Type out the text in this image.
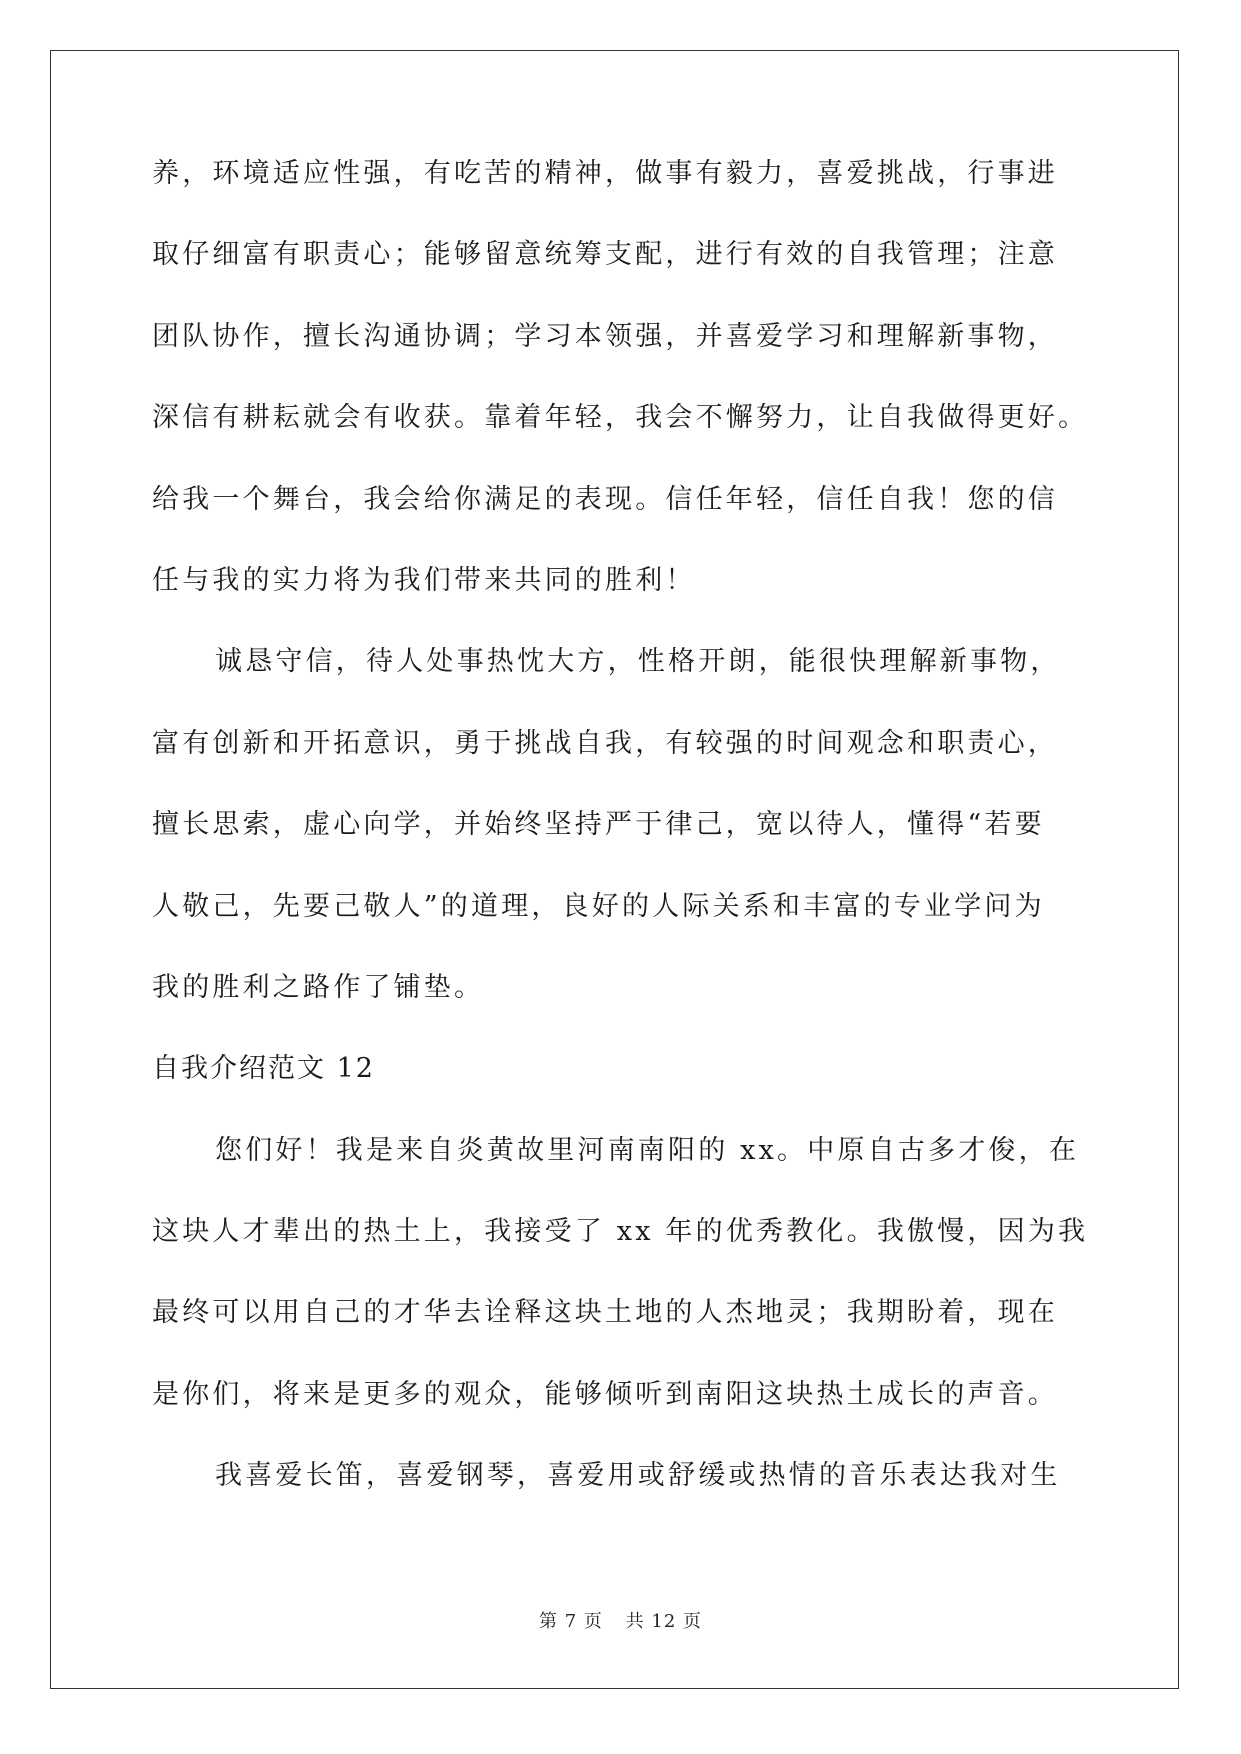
养，环境适应性强，有吃苦的精神，做事有毅力，喜爱挑战，行事进
取仔细富有职责心；能够留意统筹支配，进行有效的自我管理；注意
团队协作，擅长沟通协调；学习本领强，并喜爱学习和理解新事物，
深信有耕耘就会有收获。靠着年轻，我会不懈努力，让自我做得更好。
给我一个舞台，我会给你满足的表现。信任年轻，信任自我！您的信
任与我的实力将为我们带来共同的胜利！
诚恳守信，待人处事热忱大方，性格开朗，能很快理解新事物，
富有创新和开拓意识，勇于挑战自我，有较强的时间观念和职责心，
擅长思索，虚心向学，并始终坚持严于律己，宽以待人，懂得“若要
人敬己，先要己敬人”的道理，良好的人际关系和丰富的专业学问为
我的胜利之路作了铺垫。
自我介绍范文 12
您们好！我是来自炎黄故里河南南阳的 xx。中原自古多才俊，在
这块人才辈出的热土上，我接受了 xx 年的优秀教化。我傲慢，因为我
最终可以用自己的才华去诠释这块土地的人杰地灵；我期盼着，现在
是你们，将来是更多的观众，能够倾听到南阳这块热土成长的声音。
我喜爱长笛，喜爱钢琴，喜爱用或舒缓或热情的音乐表达我对生
第 7 页 共 12 页
